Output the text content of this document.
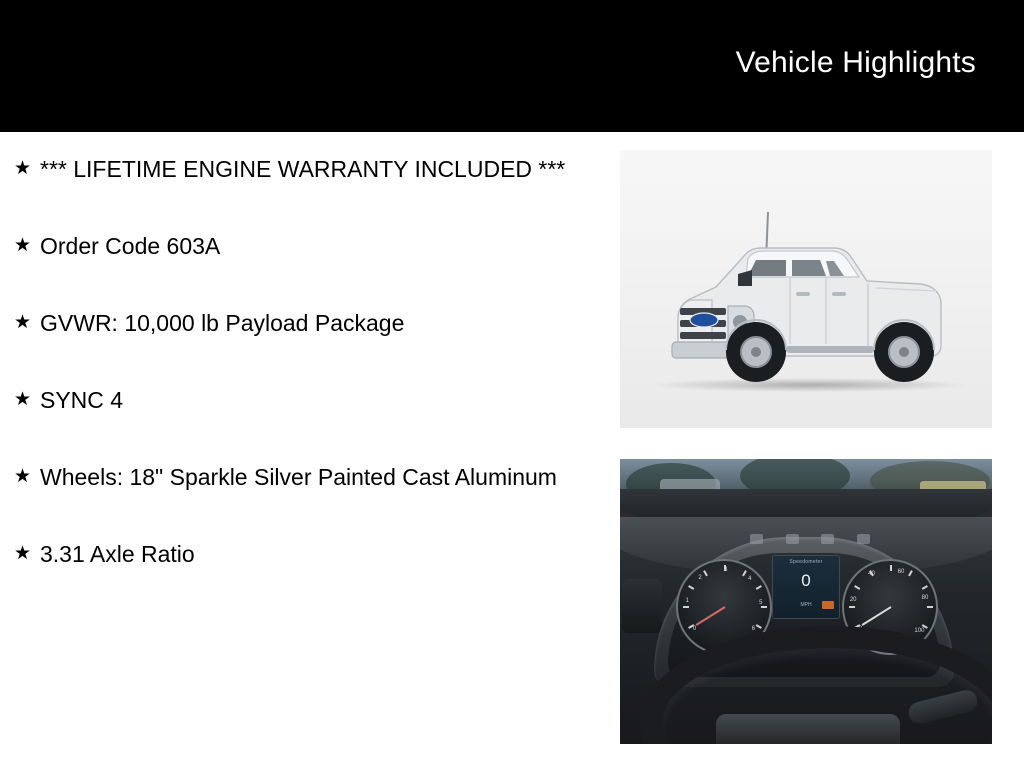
Vehicle Highlights
★ *** LIFETIME ENGINE WARRANTY INCLUDED ***
★ Order Code 603A
★ GVWR: 10,000 lb Payload Package
★ SYNC 4
★ Wheels: 18" Sparkle Silver Painted Cast Aluminum
★ 3.31 Axle Ratio
0
1
2
3
4
5
6	0
20
40	60
80
100
Speedometer
0
MPH
